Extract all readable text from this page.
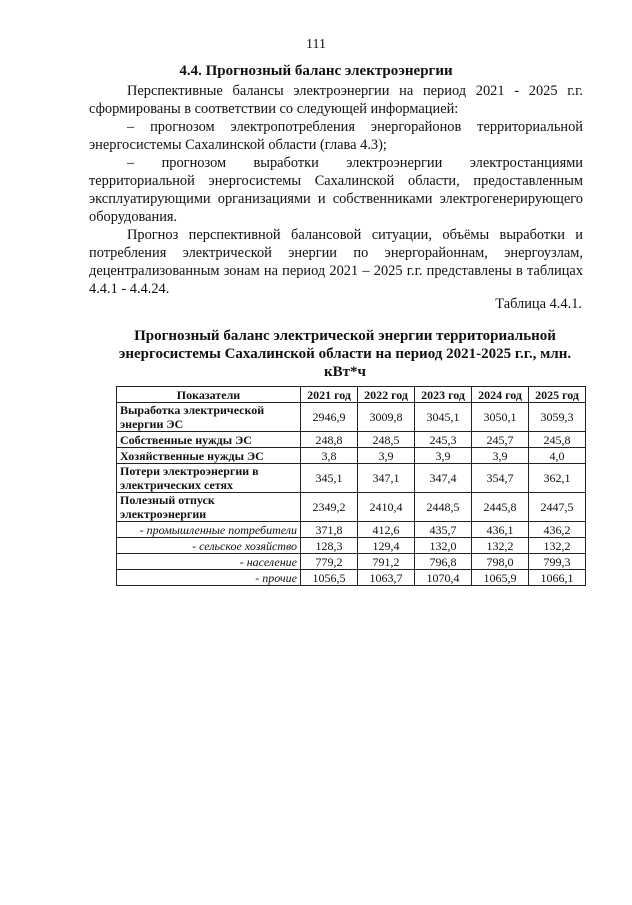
111
4.4. Прогнозный баланс электроэнергии

Перспективные балансы электроэнергии на период 2021 - 2025 г.г. сформированы в соответствии со следующей информацией:

– прогнозом электропотребления энергорайонов территориальной энергосистемы Сахалинской области (глава 4.3);

– прогнозом выработки электроэнергии электростанциями территориальной энергосистемы Сахалинской области, предоставленным эксплуатирующими организациями и собственниками электрогенерирующего оборудования.

Прогноз перспективной балансовой ситуации, объёмы выработки и потребления электрической энергии по энергорайоннам, энергоузлам, децентрализованным зонам на период 2021 – 2025 г.г. представлены в таблицах 4.4.1 - 4.4.24.

Таблица 4.4.1.
Прогнозный баланс электрической энергии территориальной энергосистемы Сахалинской области на период 2021-2025 г.г., млн. кВт*ч
Показатели	2021 год	2022 год	2023 год	2024 год	2025 год
Выработка электрической энергии ЭС	2946,9	3009,8	3045,1	3050,1	3059,3
Собственные нужды ЭС	248,8	248,5	245,3	245,7	245,8
Хозяйственные нужды ЭС	3,8	3,9	3,9	3,9	4,0
Потери электроэнергии в электрических сетях	345,1	347,1	347,4	354,7	362,1
Полезный отпуск электроэнергии	2349,2	2410,4	2448,5	2445,8	2447,5
- промышленные потребители	371,8	412,6	435,7	436,1	436,2
- сельское хозяйство	128,3	129,4	132,0	132,2	132,2
- население	779,2	791,2	796,8	798,0	799,3
- прочие	1056,5	1063,7	1070,4	1065,9	1066,1
